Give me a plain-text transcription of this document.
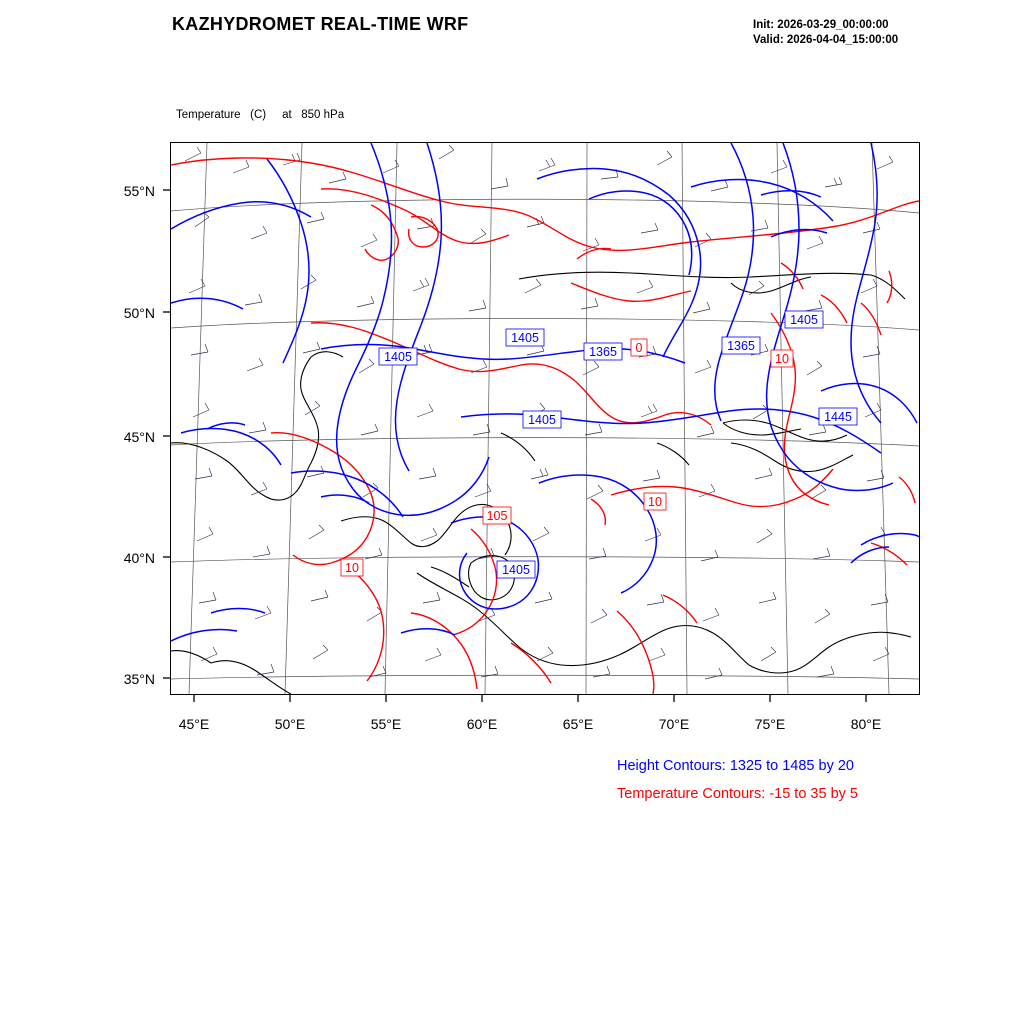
KAZHYDROMET REAL-TIME WRF	Init: 2026-03-29_00:00:00
Valid: 2026-04-04_15:00:00

Temperature   (C)     at   850 hPa

1405
0	1365
1405
1405	1365	10
1405	1445
10
105
10	1405
55°N
50°N
45°N
40°N
35°N
45°E	50°E	55°E	60°E	65°E	70°E	75°E	80°E
Height Contours: 1325 to 1485 by 20
Temperature Contours: -15 to 35 by 5
